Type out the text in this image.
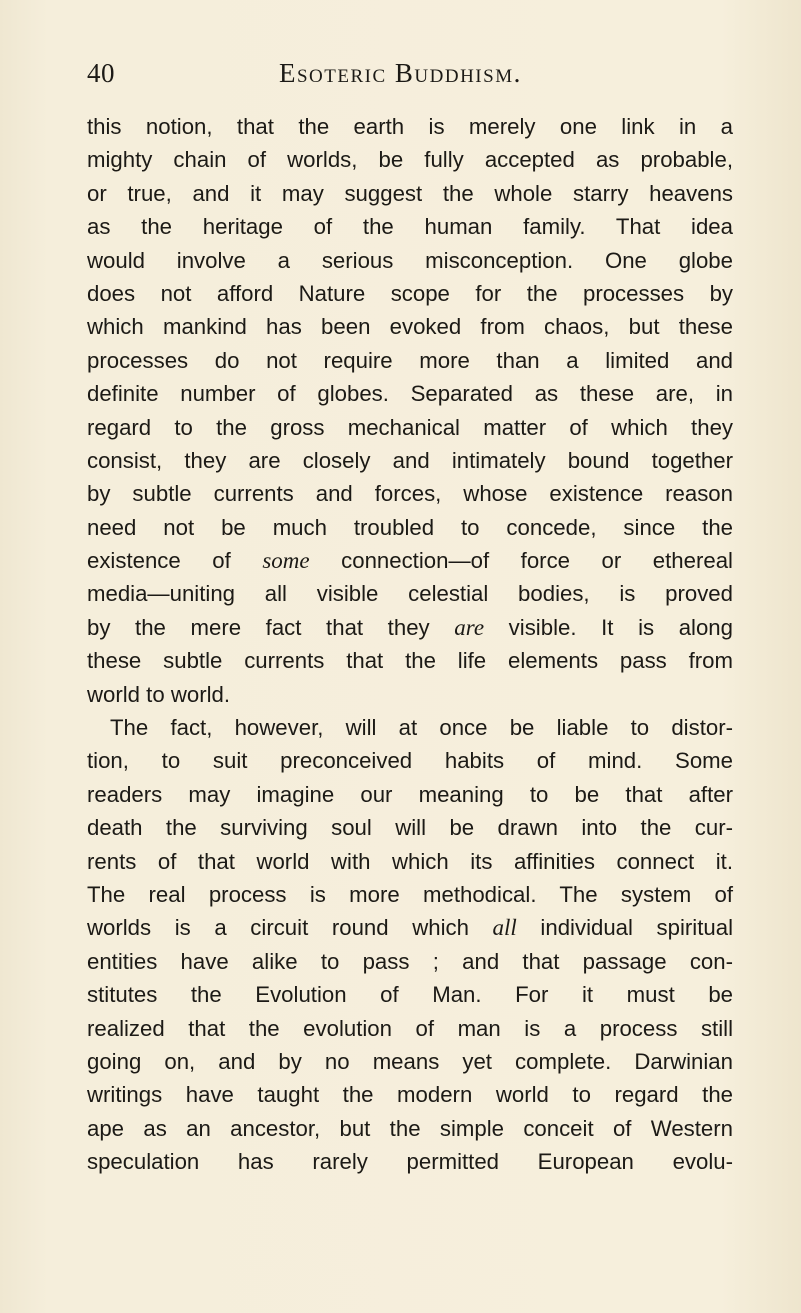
40	Esoteric Buddhism.
this notion, that the earth is merely one link in a
mighty chain of worlds, be fully accepted as probable,
or true, and it may suggest the whole starry heavens
as the heritage of the human family. That idea
would involve a serious misconception. One globe
does not afford Nature scope for the processes by
which mankind has been evoked from chaos, but these
processes do not require more than a limited and
definite number of globes. Separated as these are, in
regard to the gross mechanical matter of which they
consist, they are closely and intimately bound together
by subtle currents and forces, whose existence reason
need not be much troubled to concede, since the
existence of some connection—of force or ethereal
media—uniting all visible celestial bodies, is proved
by the mere fact that they are visible. It is along
these subtle currents that the life elements pass from
world to world.
The fact, however, will at once be liable to distor-
tion, to suit preconceived habits of mind. Some
readers may imagine our meaning to be that after
death the surviving soul will be drawn into the cur-
rents of that world with which its affinities connect it.
The real process is more methodical. The system of
worlds is a circuit round which all individual spiritual
entities have alike to pass ; and that passage con-
stitutes the Evolution of Man. For it must be
realized that the evolution of man is a process still
going on, and by no means yet complete. Darwinian
writings have taught the modern world to regard the
ape as an ancestor, but the simple conceit of Western
speculation has rarely permitted European evolu-
